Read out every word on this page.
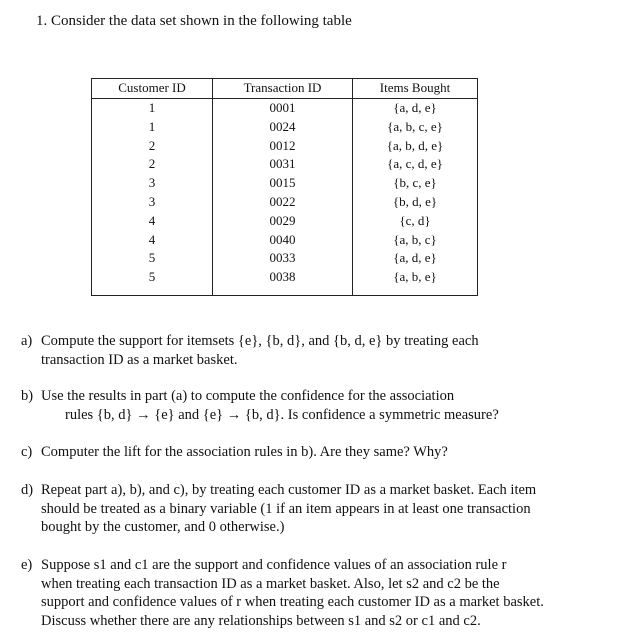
1. Consider the data set shown in the following table
Customer ID	Transaction ID	Items Bought
1	0001	{a, d, e}
1	0024	{a, b, c, e}
2	0012	{a, b, d, e}
2	0031	{a, c, d, e}
3	0015	{b, c, e}
3	0022	{b, d, e}
4	0029	{c, d}
4	0040	{a, b, c}
5	0033	{a, d, e}
5	0038	{a, b, e}

a) Compute the support for itemsets {e}, {b, d}, and {b, d, e} by treating each
transaction ID as a market basket.
b) Use the results in part (a) to compute the confidence for the association
rules {b, d} → {e} and {e} → {b, d}. Is confidence a symmetric measure?
c) Computer the lift for the association rules in b). Are they same? Why?
d) Repeat part a), b), and c), by treating each customer ID as a market basket. Each item
should be treated as a binary variable (1 if an item appears in at least one transaction
bought by the customer, and 0 otherwise.)
e) Suppose s1 and c1 are the support and confidence values of an association rule r
when treating each transaction ID as a market basket. Also, let s2 and c2 be the
support and confidence values of r when treating each customer ID as a market basket.
Discuss whether there are any relationships between s1 and s2 or c1 and c2.
